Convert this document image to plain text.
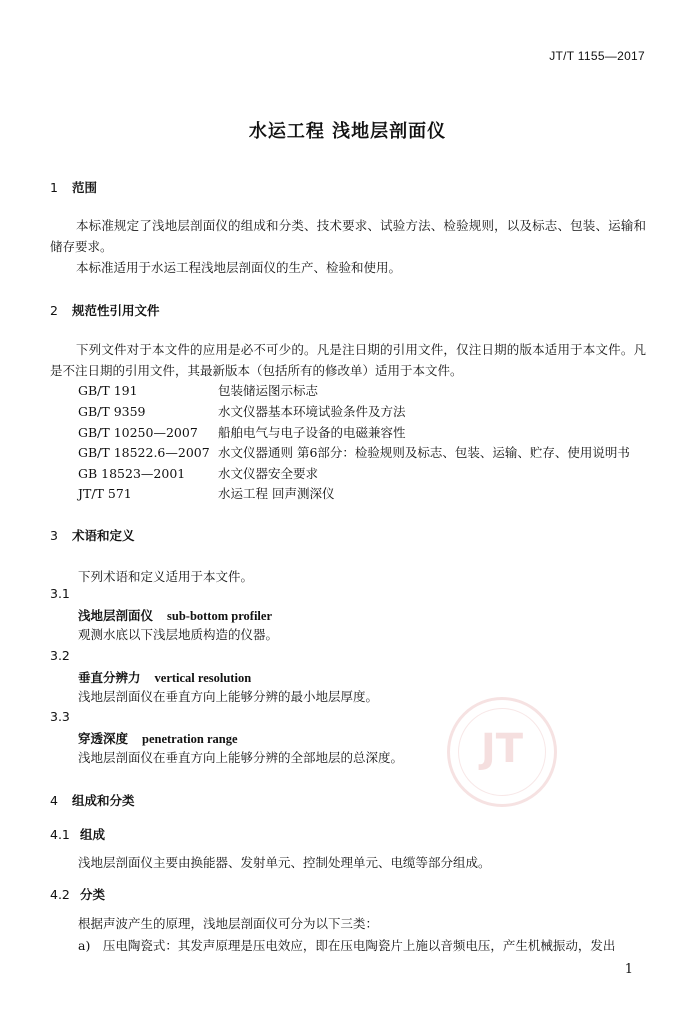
JT/T 1155—2017
水运工程 浅地层剖面仪
1 范围
本标准规定了浅地层剖面仪的组成和分类、技术要求、试验方法、检验规则，以及标志、包装、运输和储存要求。
本标准适用于水运工程浅地层剖面仪的生产、检验和使用。
2 规范性引用文件
下列文件对于本文件的应用是必不可少的。凡是注日期的引用文件，仅注日期的版本适用于本文件。凡是不注日期的引用文件，其最新版本（包括所有的修改单）适用于本文件。
GB/T 191	包装储运图示标志
GB/T 9359	水文仪器基本环境试验条件及方法
GB/T 10250—2007 船舶电气与电子设备的电磁兼容性
GB/T 18522.6—2007 水文仪器通则 第6部分：检验规则及标志、包装、运输、贮存、使用说明书
GB 18523—2001	水文仪器安全要求
JT/T 571	水运工程 回声测深仪
3 术语和定义
下列术语和定义适用于本文件。
3.1
浅地层剖面仪 sub-bottom profiler
观测水底以下浅层地质构造的仪器。
3.2
垂直分辨力 vertical resolution
浅地层剖面仪在垂直方向上能够分辨的最小地层厚度。
3.3
穿透深度 penetration range
浅地层剖面仪在垂直方向上能够分辨的全部地层的总深度。	JT
4 组成和分类
4.1 组成
浅地层剖面仪主要由换能器、发射单元、控制处理单元、电缆等部分组成。
4.2 分类
根据声波产生的原理，浅地层剖面仪可分为以下三类：
a)　压电陶瓷式：其发声原理是压电效应，即在压电陶瓷片上施以音频电压，产生机械振动，发出
1
